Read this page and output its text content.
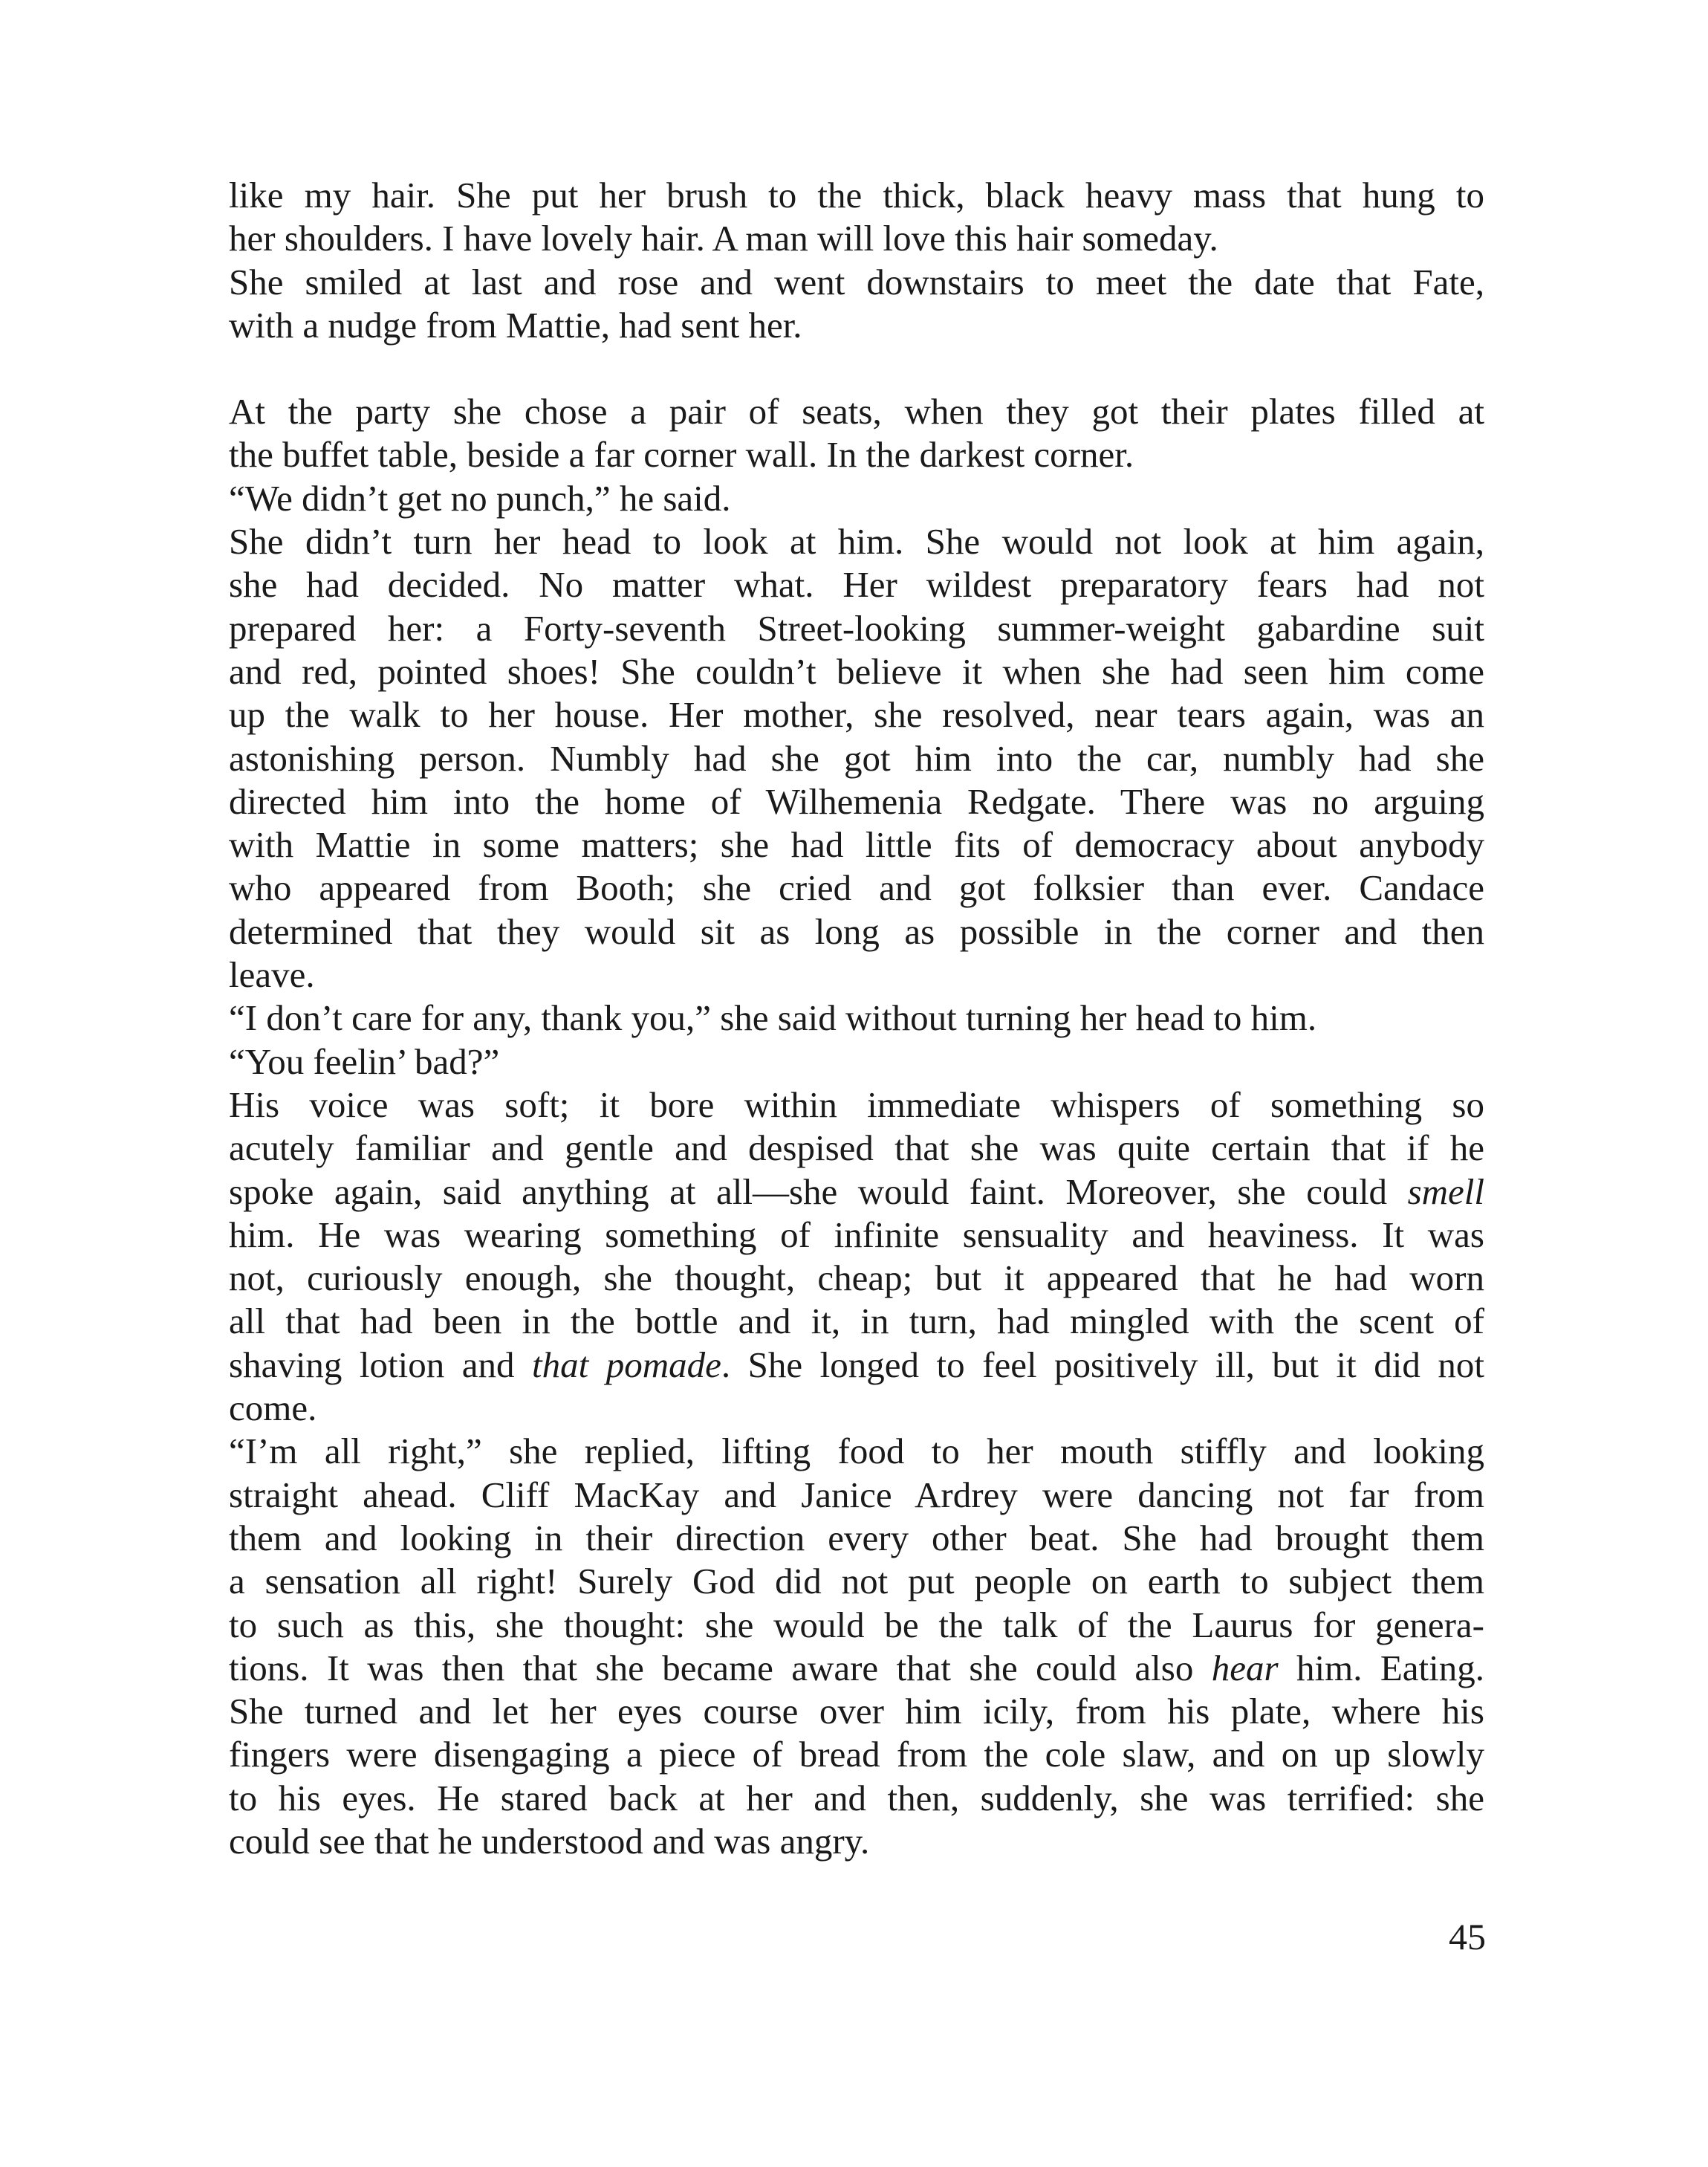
like my hair. She put her brush to the thick, black heavy mass that hung to
her shoulders. I have lovely hair. A man will love this hair someday.
She smiled at last and rose and went downstairs to meet the date that Fate,
with a nudge from Mattie, had sent her.
At the party she chose a pair of seats, when they got their plates filled at
the buffet table, beside a far corner wall. In the darkest corner.
“We didn’t get no punch,” he said.
She didn’t turn her head to look at him. She would not look at him again,
she had decided. No matter what. Her wildest preparatory fears had not
prepared her: a Forty-seventh Street-looking summer-weight gabardine suit
and red, pointed shoes! She couldn’t believe it when she had seen him come
up the walk to her house. Her mother, she resolved, near tears again, was an
astonishing person. Numbly had she got him into the car, numbly had she
directed him into the home of Wilhemenia Redgate. There was no arguing
with Mattie in some matters; she had little fits of democracy about anybody
who appeared from Booth; she cried and got folksier than ever. Candace
determined that they would sit as long as possible in the corner and then
leave.
“I don’t care for any, thank you,” she said without turning her head to him.
“You feelin’ bad?”
His voice was soft; it bore within immediate whispers of something so
acutely familiar and gentle and despised that she was quite certain that if he
spoke again, said anything at all—she would faint. Moreover, she could smell
him. He was wearing something of infinite sensuality and heaviness. It was
not, curiously enough, she thought, cheap; but it appeared that he had worn
all that had been in the bottle and it, in turn, had mingled with the scent of
shaving lotion and that pomade. She longed to feel positively ill, but it did not
come.
“I’m all right,” she replied, lifting food to her mouth stiffly and looking
straight ahead. Cliff MacKay and Janice Ardrey were dancing not far from
them and looking in their direction every other beat. She had brought them
a sensation all right! Surely God did not put people on earth to subject them
to such as this, she thought: she would be the talk of the Laurus for genera-
tions. It was then that she became aware that she could also hear him. Eating.
She turned and let her eyes course over him icily, from his plate, where his
fingers were disengaging a piece of bread from the cole slaw, and on up slowly
to his eyes. He stared back at her and then, suddenly, she was terrified: she
could see that he understood and was angry.
45
